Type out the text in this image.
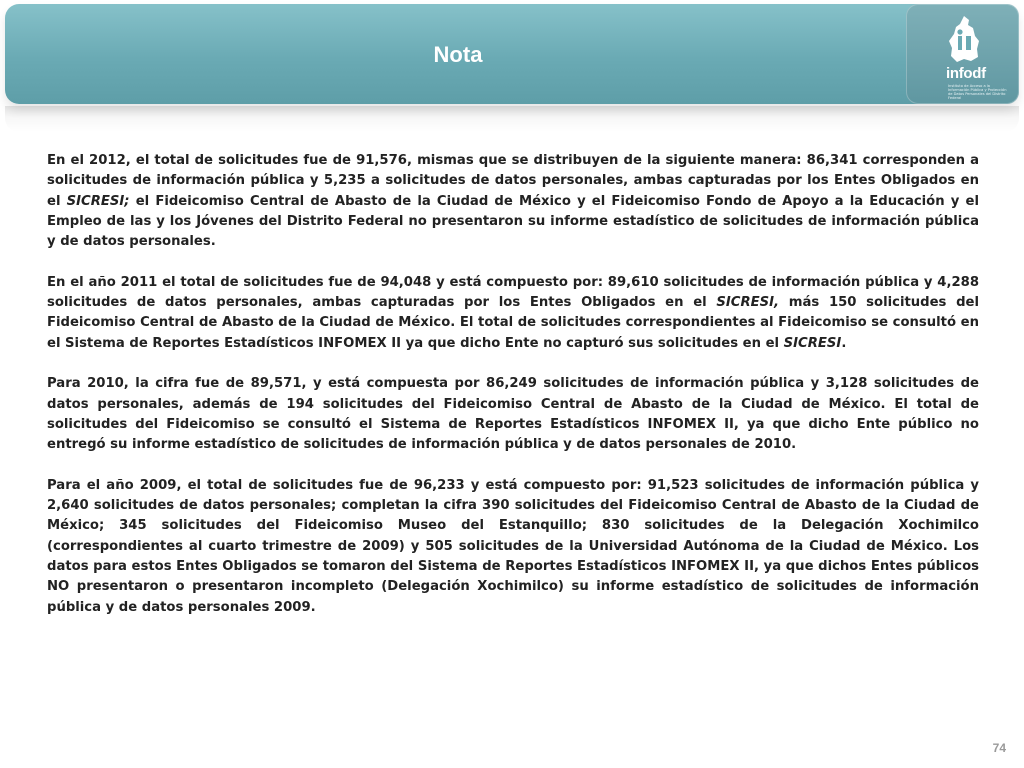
Nota
infodf
Instituto de Acceso a la Información Pública y Protección de Datos Personales del Distrito Federal

En el 2012, el total de solicitudes fue de 91,576, mismas que se distribuyen de la siguiente manera: 86,341 corresponden a solicitudes de información pública y 5,235 a solicitudes de datos personales, ambas capturadas por los Entes Obligados en el SICRESI; el Fideicomiso Central de Abasto de la Ciudad de México y el Fideicomiso Fondo de Apoyo a la Educación y el Empleo de las y los Jóvenes del Distrito Federal no presentaron su informe estadístico de solicitudes de información pública y de datos personales.

En el año 2011 el total de solicitudes fue de 94,048 y está compuesto por: 89,610 solicitudes de información pública y 4,288 solicitudes de datos personales, ambas capturadas por los Entes Obligados en el SICRESI, más 150 solicitudes del Fideicomiso Central de Abasto de la Ciudad de México. El total de solicitudes correspondientes al Fideicomiso se consultó en el Sistema de Reportes Estadísticos INFOMEX II ya que dicho Ente no capturó sus solicitudes en el SICRESI.

Para 2010, la cifra fue de 89,571, y está compuesta por 86,249 solicitudes de información pública y 3,128 solicitudes de datos personales, además de 194 solicitudes del Fideicomiso Central de Abasto de la Ciudad de México. El total de solicitudes del Fideicomiso se consultó el Sistema de Reportes Estadísticos INFOMEX II, ya que dicho Ente público no entregó su informe estadístico de solicitudes de información pública y de datos personales de 2010.

Para el año 2009, el total de solicitudes fue de 96,233 y está compuesto por: 91,523 solicitudes de información pública y 2,640 solicitudes de datos personales; completan la cifra 390 solicitudes del Fideicomiso Central de Abasto de la Ciudad de México; 345 solicitudes del Fideicomiso Museo del Estanquillo; 830 solicitudes de la Delegación Xochimilco (correspondientes al cuarto trimestre de 2009) y 505 solicitudes de la Universidad Autónoma de la Ciudad de México. Los datos para estos Entes Obligados se tomaron del Sistema de Reportes Estadísticos INFOMEX II, ya que dichos Entes públicos NO presentaron o presentaron incompleto (Delegación Xochimilco) su informe estadístico de solicitudes de información pública y de datos personales 2009.

74
